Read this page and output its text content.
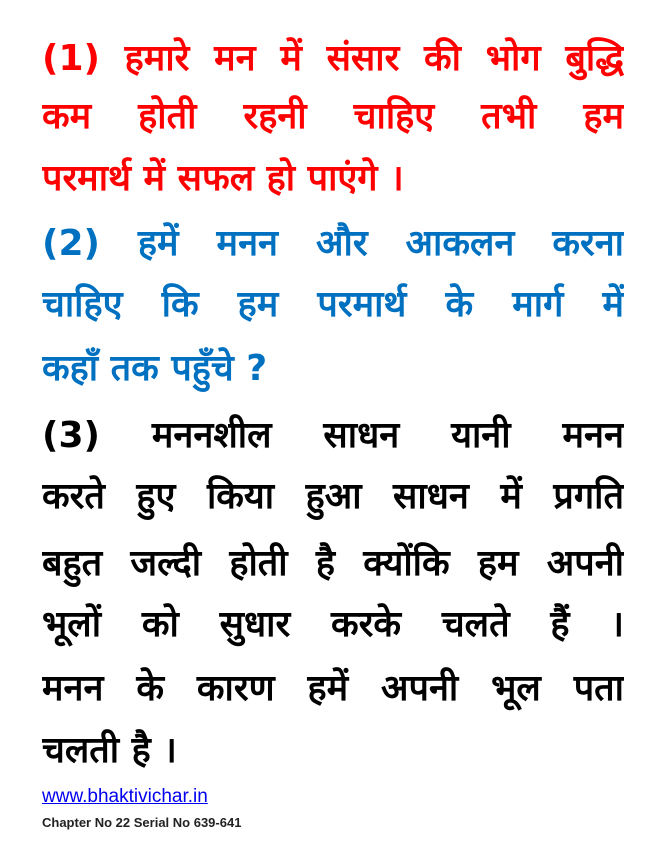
(1) हमारे मन में संसार की भोग बुद्धि
कम होती रहनी चाहिए तभी हम
परमार्थ में सफल हो पाएंगे ।
(2) हमें मनन और आकलन करना
चाहिए कि हम परमार्थ के मार्ग में
कहाँ तक पहुँचे ?
(3) मननशील साधन यानी मनन
करते हुए किया हुआ साधन में प्रगति
बहुत जल्दी होती है क्योंकि हम अपनी
भूलों को सुधार करके चलते हैं ।
मनन के कारण हमें अपनी भूल पता
चलती है ।
www.bhaktivichar.in
Chapter No 22 Serial No 639-641
